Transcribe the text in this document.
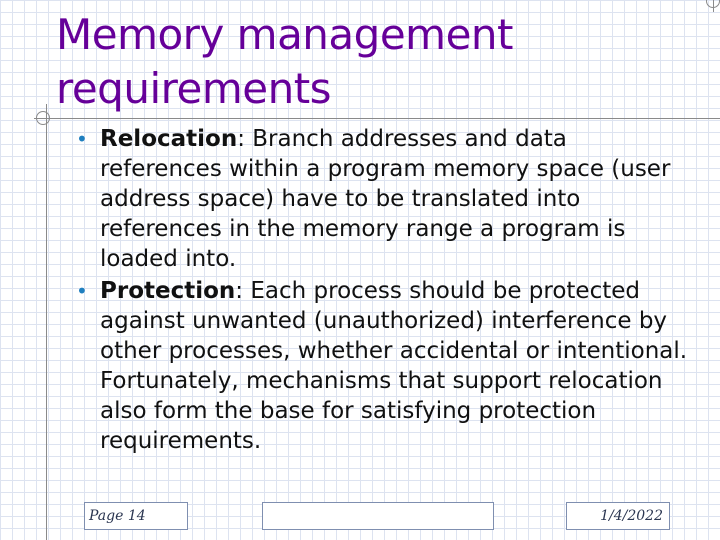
Memory management
requirements
• Relocation: Branch addresses and data references within a program memory space (user address space) have to be translated into references in the memory range a program is loaded into.
• Protection: Each process should be protected against unwanted (unauthorized) interference by other processes, whether accidental or intentional. Fortunately, mechanisms that support relocation also form the base for satisfying protection requirements.
Page 14	1/4/2022
